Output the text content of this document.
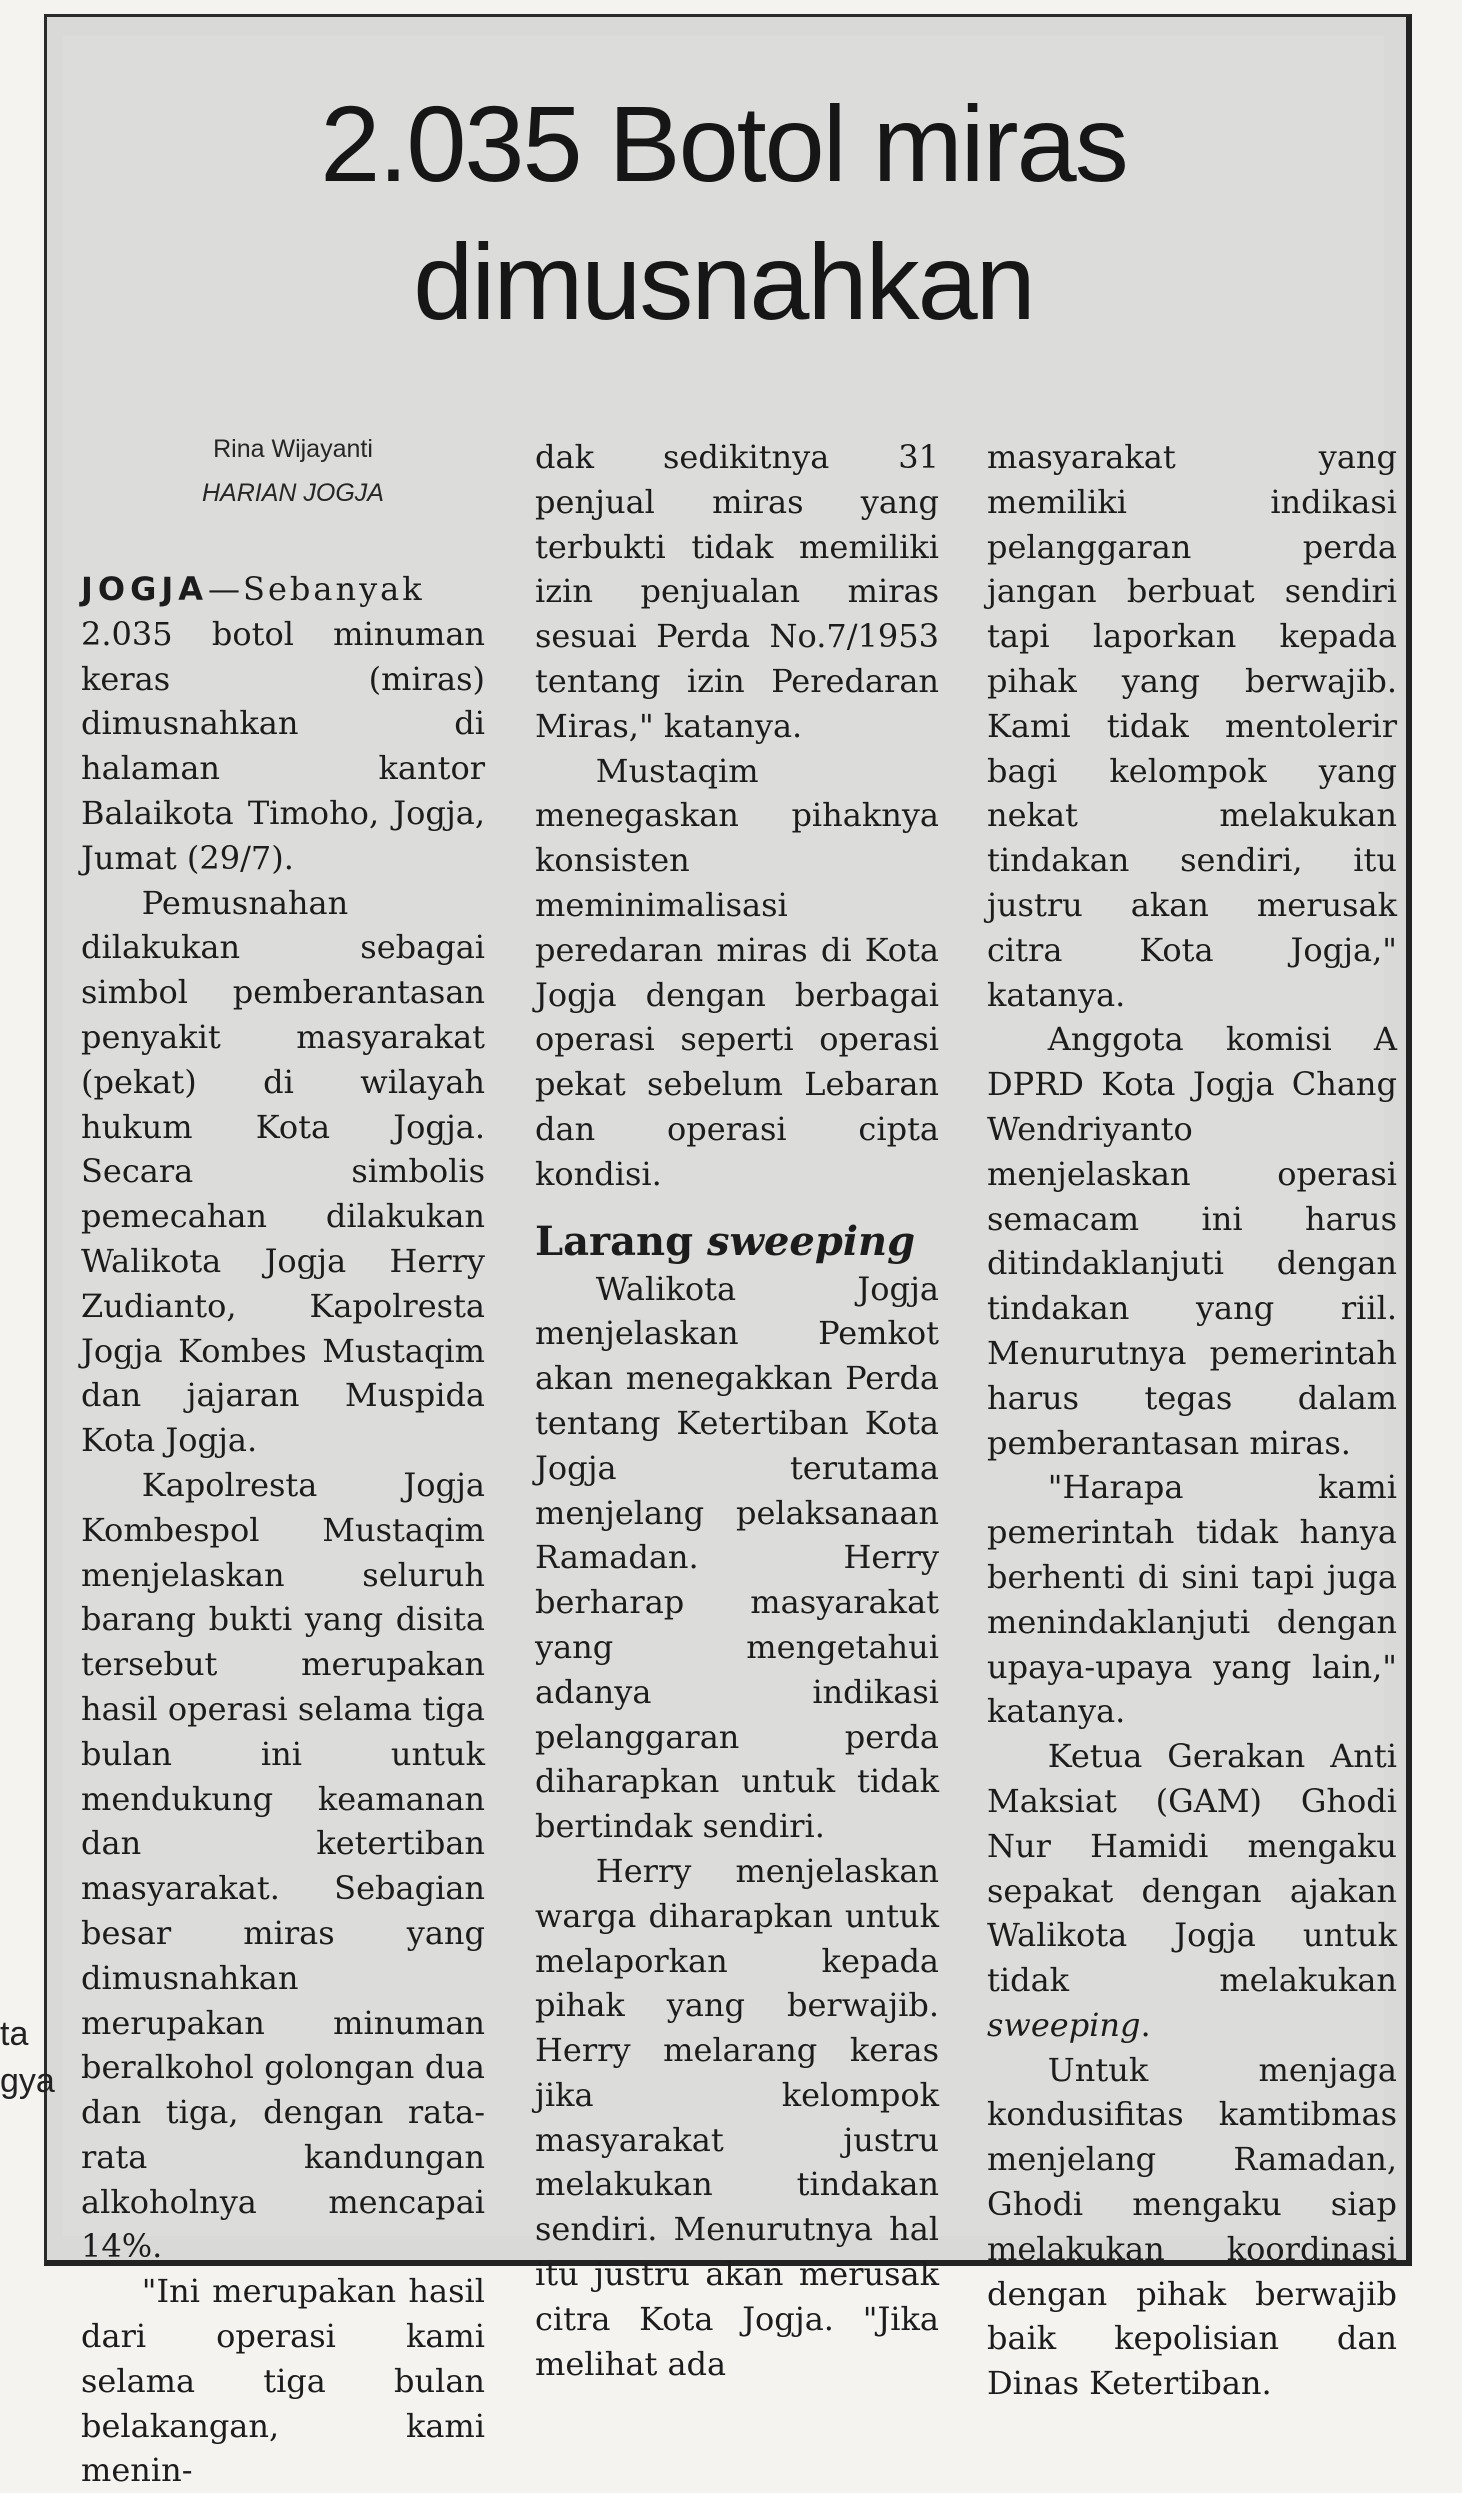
2.035 Botol miras
dimusnahkan
Rina Wijayanti
HARIAN JOGJA

JOGJA—Sebanyak 2.035 botol minuman keras (miras) dimusnahkan di halaman kantor Balaikota Timoho, Jogja, Jumat (29/7).

Pemusnahan dilakukan sebagai simbol pemberantasan penyakit masyarakat (pekat) di wilayah hukum Kota Jogja. Secara simbolis pemecahan dilakukan Walikota Jogja Herry Zudianto, Kapolresta Jogja Kombes Mustaqim dan jajaran Muspida Kota Jogja.

Kapolresta Jogja Kombespol Mustaqim menjelaskan seluruh barang bukti yang disita tersebut merupakan hasil operasi selama tiga bulan ini untuk mendukung keamanan dan ketertiban masyarakat. Sebagian besar miras yang dimusnahkan merupakan minuman beralkohol golongan dua dan tiga, dengan rata-rata kandungan alkoholnya mencapai 14%.

"Ini merupakan hasil dari operasi kami selama tiga bulan belakangan, kami menin-

dak sedikitnya 31 penjual miras yang terbukti tidak memiliki izin penjualan miras sesuai Perda No.7/1953 tentang izin Peredaran Miras," katanya.

Mustaqim menegaskan pihaknya konsisten meminimalisasi peredaran miras di Kota Jogja dengan berbagai operasi seperti operasi pekat sebelum Lebaran dan operasi cipta kondisi.

Larang sweeping

Walikota Jogja menjelaskan Pemkot akan menegakkan Perda tentang Ketertiban Kota Jogja terutama menjelang pelaksanaan Ramadan. Herry berharap masyarakat yang mengetahui adanya indikasi pelanggaran perda diharapkan untuk tidak bertindak sendiri.

Herry menjelaskan warga diharapkan untuk melaporkan kepada pihak yang berwajib. Herry melarang keras jika kelompok masyarakat justru melakukan tindakan sendiri. Menurutnya hal itu justru akan merusak citra Kota Jogja. "Jika melihat ada

masyarakat yang memiliki indikasi pelanggaran perda jangan berbuat sendiri tapi laporkan kepada pihak yang berwajib. Kami tidak mentolerir bagi kelompok yang nekat melakukan tindakan sendiri, itu justru akan merusak citra Kota Jogja," katanya.

Anggota komisi A DPRD Kota Jogja Chang Wendriyanto menjelaskan operasi semacam ini harus ditindaklanjuti dengan tindakan yang riil. Menurutnya pemerintah harus tegas dalam pemberantasan miras.

"Harapa kami pemerintah tidak hanya berhenti di sini tapi juga menindaklanjuti dengan upaya-upaya yang lain," katanya.

Ketua Gerakan Anti Maksiat (GAM) Ghodi Nur Hamidi mengaku sepakat dengan ajakan Walikota Jogja untuk tidak melakukan sweeping.

Untuk menjaga kondusifitas kamtibmas menjelang Ramadan, Ghodi mengaku siap melakukan koordinasi dengan pihak berwajib baik kepolisian dan Dinas Ketertiban.

ta
gya
